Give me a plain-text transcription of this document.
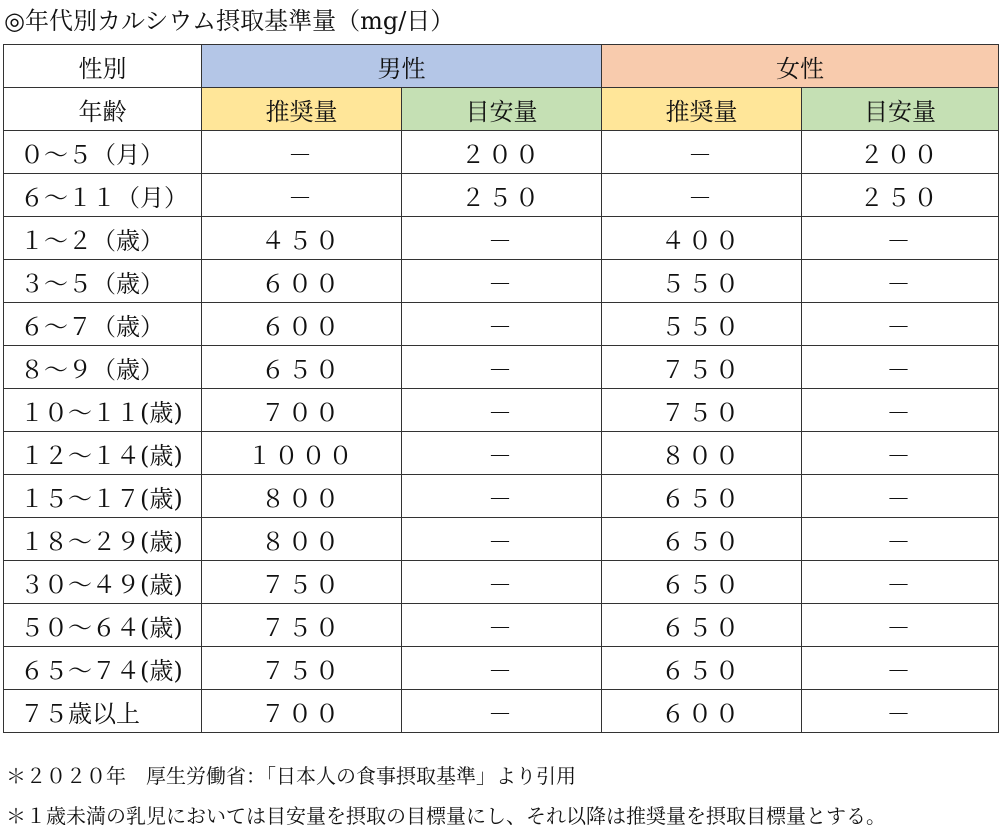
◎年代別カルシウム摂取基準量（mg/日）
性別	男性		女性	
年齢	推奨量	目安量	推奨量	目安量
０～５（月）	－	２００	－	２００
６～１１（月）	－	２５０	－	２５０
１～２（歳）	４５０	－	４００	－
３～５（歳）	６００	－	５５０	－
６～７（歳）	６００	－	５５０	－
８～９（歳）	６５０	－	７５０	－
１０～１１(歳)	７００	－	７５０	－
１２～１４(歳)	１０００	－	８００	－
１５～１７(歳)	８００	－	６５０	－
１８～２９(歳)	８００	－	６５０	－
３０～４９(歳)	７５０	－	６５０	－
５０～６４(歳)	７５０	－	６５０	－
６５～７４(歳)	７５０	－	６５０	－
７５歳以上	７００	－	６００	－
＊２０２０年　厚生労働省：「日本人の食事摂取基準」より引用
＊１歳未満の乳児においては目安量を摂取の目標量にし、それ以降は推奨量を摂取目標量とする。
